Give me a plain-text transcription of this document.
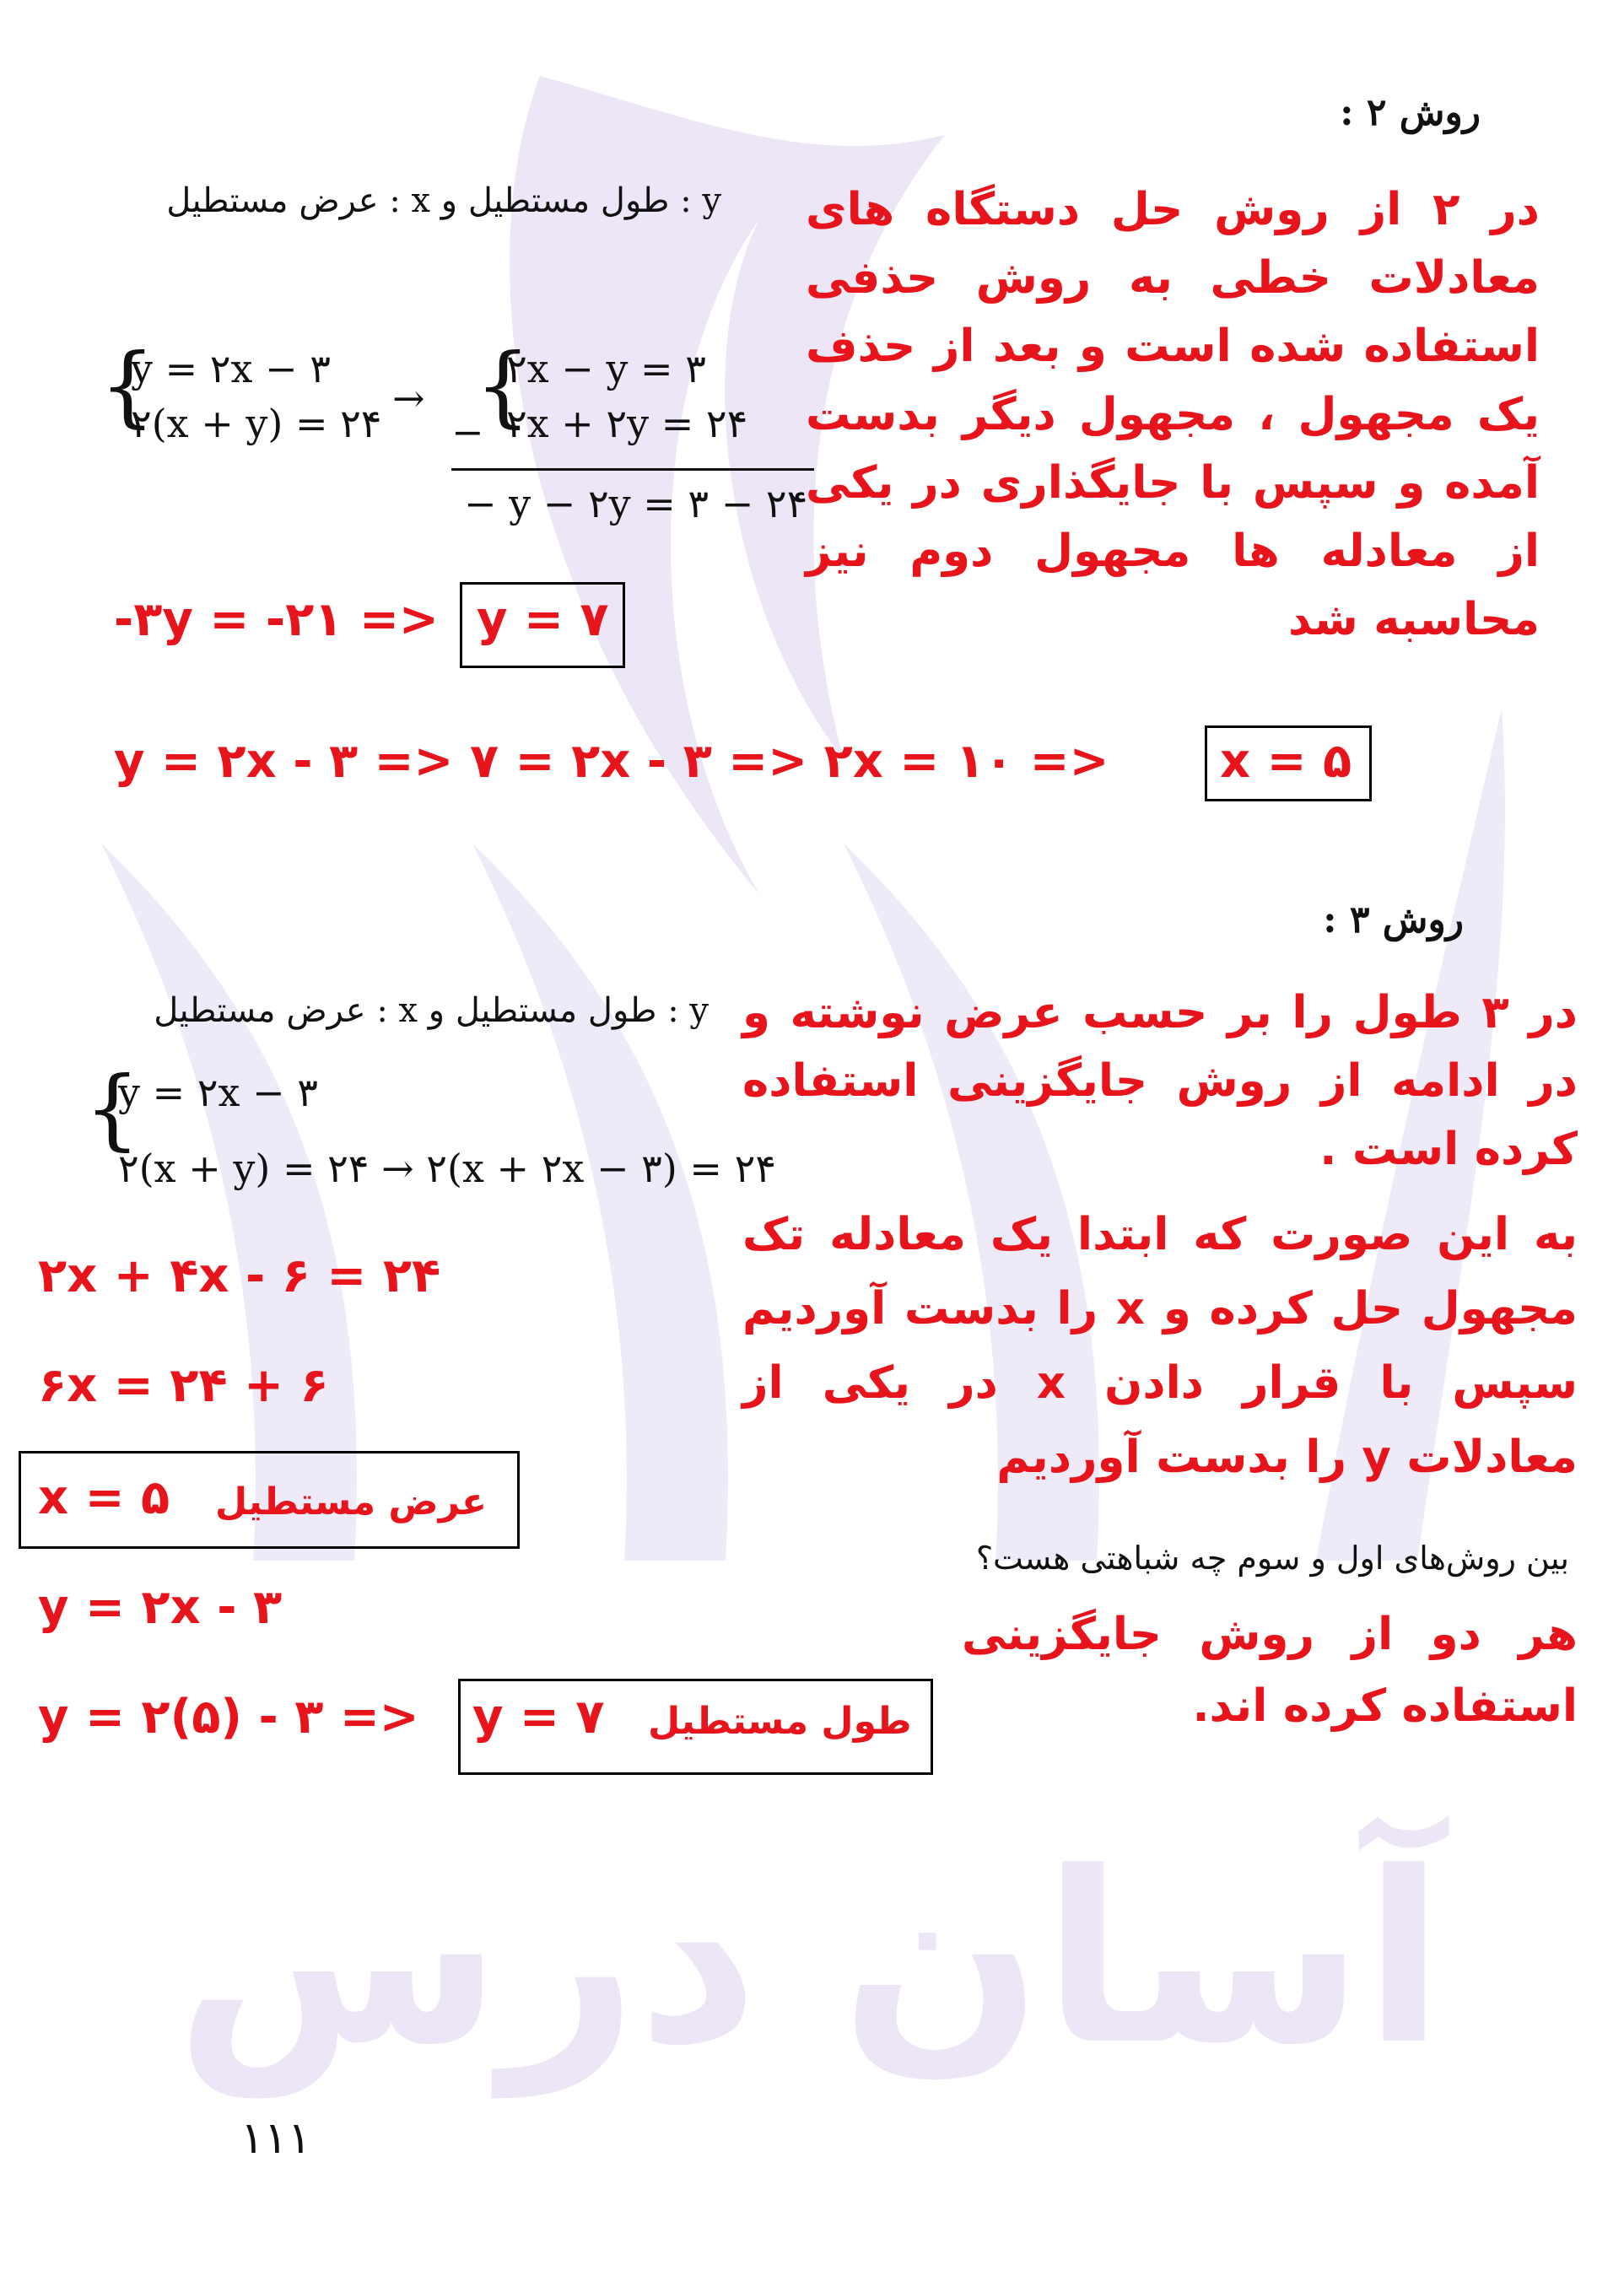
آسان درس
روش ۲ :
y : طول مستطیل و x : عرض مستطیل
{
y = ۲x − ۳
۲(x + y) = ۲۴
→
−
{
۲x − y = ۳
۲x + ۲y = ۲۴
− y − ۲y = ۳ − ۲۴
در ۲ از روش حل دستگاه های معادلات خطی به روش حذفی استفاده شده است و بعد از حذف یک مجهول ، مجهول دیگر بدست آمده و سپس با جایگذاری در یکی از معادله ها مجهول دوم نیز محاسبه شد
-۳y = -۲۱ => y = ۷
y = ۲x - ۳ => ۷ = ۲x - ۳ => ۲x = ۱۰ => x = ۵
روش ۳ :
y : طول مستطیل و x : عرض مستطیل
{
y = ۲x − ۳
۲(x + y) = ۲۴ → ۲(x + ۲x − ۳) = ۲۴
در ۳ طول را بر حسب عرض نوشته و در ادامه از روش جایگزینی استفاده کرده است .
به این صورت که ابتدا یک معادله تک مجهول حل کرده و x را بدست آوردیم سپس با قرار دادن x در یکی از معادلات y را بدست آوردیم
۲x + ۴x - ۶ = ۲۴
۶x = ۲۴ + ۶
x = ۵ عرض مستطیل
y = ۲x - ۳
y = ۲(۵) - ۳ => y = ۷ طول مستطیل
بین روش‌های اول و سوم چه شباهتی هست؟
هر دو از روش جایگزینی استفاده کرده اند.
۱۱۱
